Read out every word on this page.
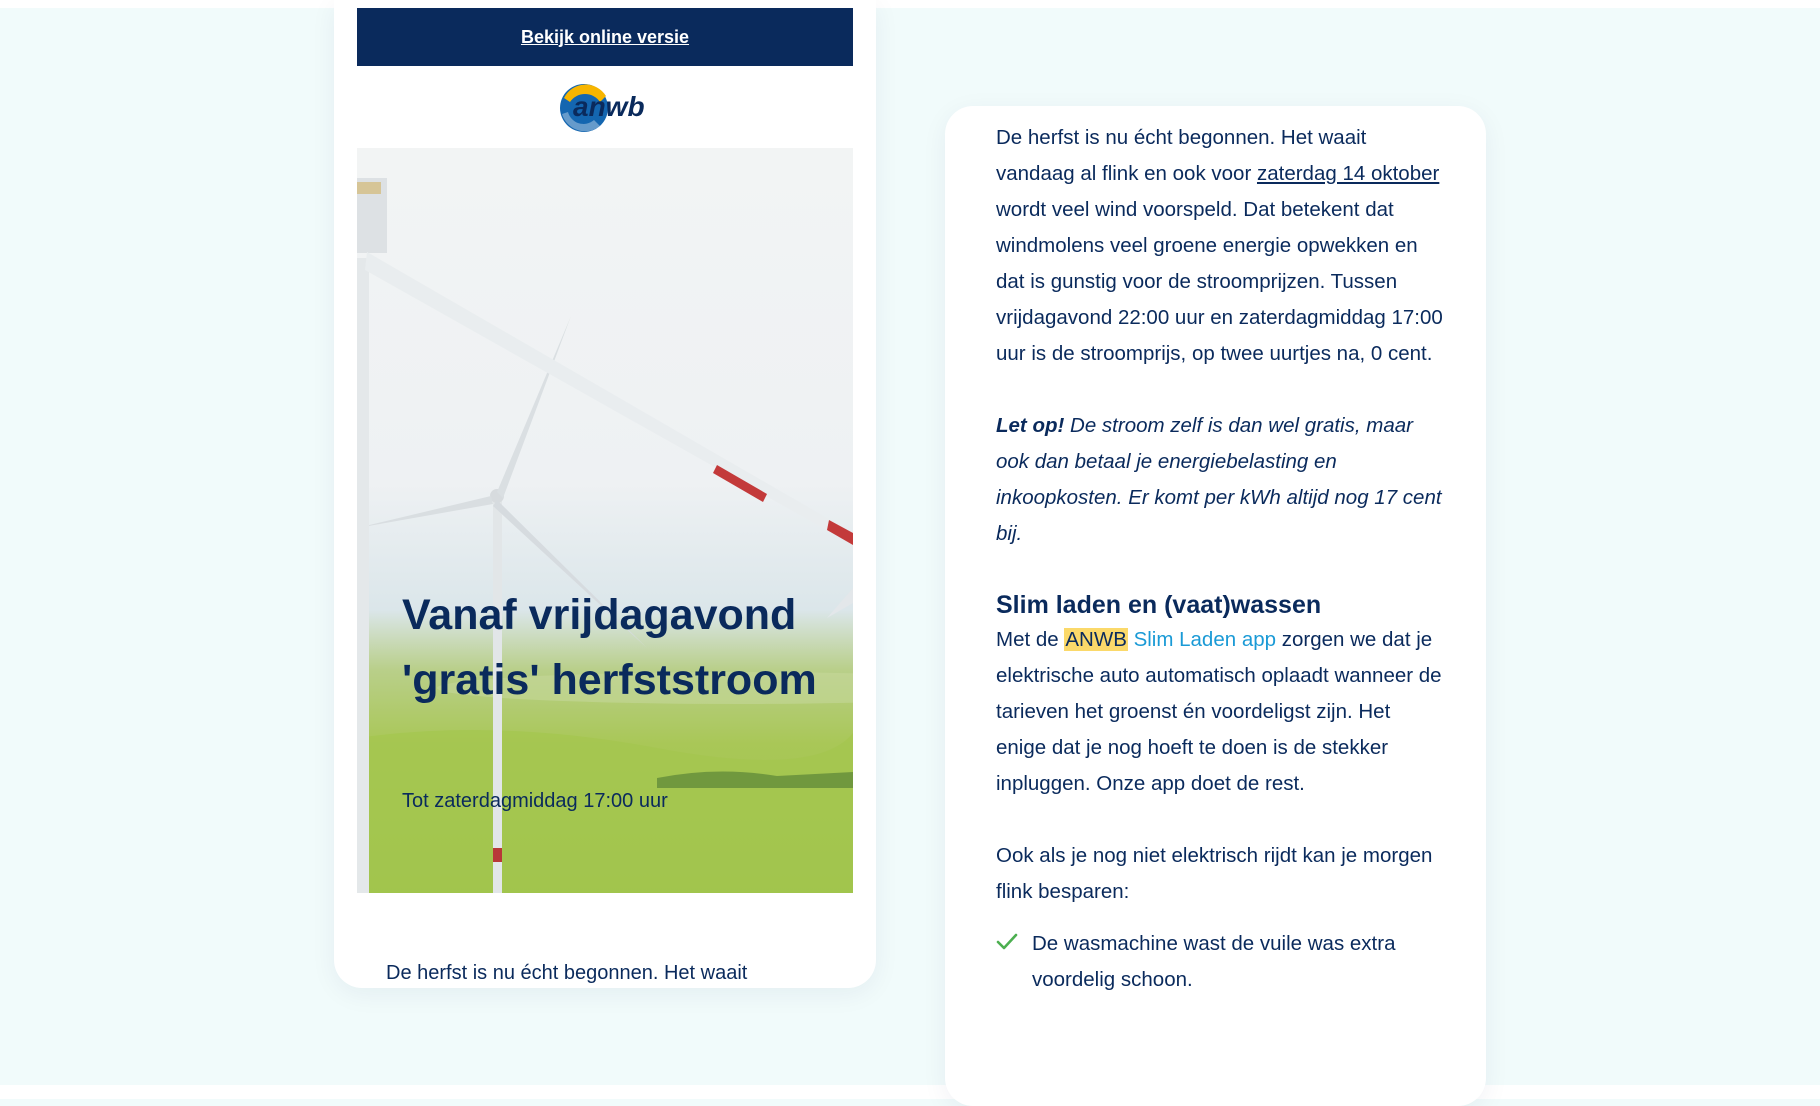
Bekijk online versie
anwb
Vanaf vrijdagavond 'gratis' herfststroom
Tot zaterdagmiddag 17:00 uur
De herfst is nu écht begonnen. Het waait

De herfst is nu écht begonnen. Het waait vandaag al flink en ook voor zaterdag 14 oktober wordt veel wind voorspeld. Dat betekent dat windmolens veel groene energie opwekken en dat is gunstig voor de stroomprijzen. Tussen vrijdagavond 22:00 uur en zaterdagmiddag 17:00 uur is de stroomprijs, op twee uurtjes na, 0 cent.

Let op! De stroom zelf is dan wel gratis, maar ook dan betaal je energiebelasting en inkoopkosten. Er komt per kWh altijd nog 17 cent bij.

Slim laden en (vaat)wassen

Met de ANWB Slim Laden app zorgen we dat je elektrische auto automatisch oplaadt wanneer de tarieven het groenst én voordeligst zijn. Het enige dat je nog hoeft te doen is de stekker inpluggen. Onze app doet de rest.

Ook als je nog niet elektrisch rijdt kan je morgen flink besparen:

De wasmachine wast de vuile was extra voordelig schoon.
